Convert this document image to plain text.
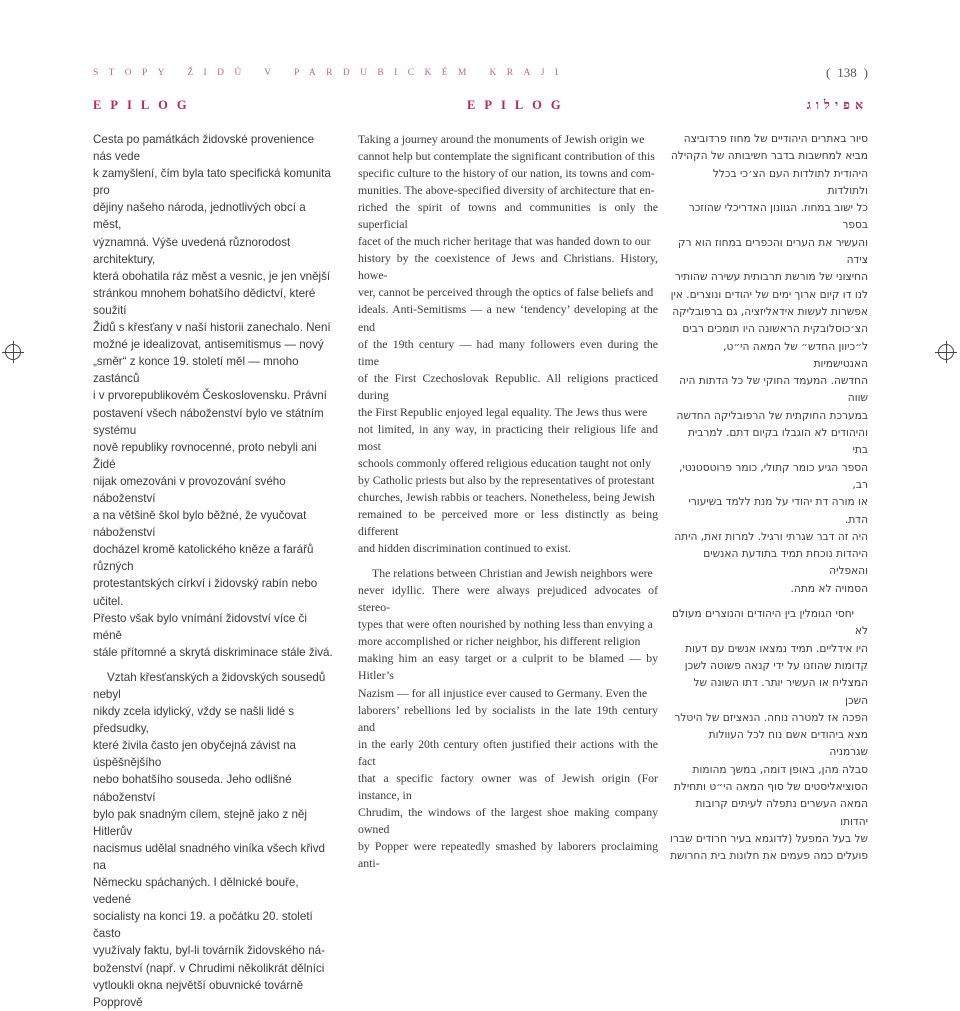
STOPY ŽIDŮ V PARDUBICKÉM KRAJI	( 138 )
EPILOG	EPILOG	אפילוג

Cesta po památkách židovské provenience nás vede

k zamyšlení, čím byla tato specifická komunita pro

dějiny našeho národa, jednotlivých obcí a měst,

významná. Výše uvedená různorodost architektury,

která obohatila ráz měst a vesnic, je jen vnější

stránkou mnohem bohatšího dědictví, které soužití

Židů s křesťany v naší historii zanechalo. Není

možné je idealizovat, antisemitismus — nový

„směr“ z konce 19. století měl — mnoho zastánců

i v prvorepublikovém Československu. Právní

postavení všech náboženství bylo ve státním systému

nově republiky rovnocenné, proto nebyli ani Židé

nijak omezováni v provozování svého náboženství

a na většině škol bylo běžné, že vyučovat náboženství

docházel kromě katolického kněze a farářů různých

protestantských církví i židovský rabín nebo učitel.

Přesto však bylo vnímání židovství více či méně

stále přítomné a skrytá diskriminace stále živá.

Vztah křesťanských a židovských sousedů nebyl

nikdy zcela idylický, vždy se našli lidé s předsudky,

které živila často jen obyčejná závist na úspěšnějšího

nebo bohatšího souseda. Jeho odlišné náboženství

bylo pak snadným cílem, stejně jako z něj Hitlerův

nacismus udělal snadného viníka všech křivd na

Německu spáchaných. I dělnické bouře, vedené

socialisty na konci 19. a počátku 20. století často

využívaly faktu, byl-li továrník židovského ná-

boženství (např. v Chrudimi několikrát dělníci

vytloukli okna největší obuvnické továrně Popprově

Taking a journey around the monuments of Jewish origin we

cannot help but contemplate the significant contribution of this

specific culture to the history of our nation, its towns and com-

munities. The above-specified diversity of architecture that en-

riched the spirit of towns and communities is only the superficial

facet of the much richer heritage that was handed down to our

history by the coexistence of Jews and Christians. History, howe-

ver, cannot be perceived through the optics of false beliefs and

ideals. Anti-Semitisms — a new ‘tendency’ developing at the end

of the 19th century — had many followers even during the time

of the First Czechoslovak Republic. All religions practiced during

the First Republic enjoyed legal equality. The Jews thus were

not limited, in any way, in practicing their religious life and most

schools commonly offered religious education taught not only

by Catholic priests but also by the representatives of protestant

churches, Jewish rabbis or teachers. Nonetheless, being Jewish

remained to be perceived more or less distinctly as being different

and hidden discrimination continued to exist.

The relations between Christian and Jewish neighbors were

never idyllic. There were always prejudiced advocates of stereo-

types that were often nourished by nothing less than envying a

more accomplished or richer neighbor, his different religion

making him an easy target or a culprit to be blamed — by Hitler’s

Nazism — for all injustice ever caused to Germany. Even the

laborers’ rebellions led by socialists in the late 19th century and

in the early 20th century often justified their actions with the fact

that a specific factory owner was of Jewish origin (For instance, in

Chrudim, the windows of the largest shoe making company owned

by Popper were repeatedly smashed by laborers proclaiming anti-

סיור באתרים היהודיים של מחוז פרדוביצה

מביא למחשבות בדבר חשיבותה של הקהילה

היהודית לתולדות העם הצ׳כי בכלל ולתולדות

כל ישוב במחוז. הגוונון האדריכלי שהוזכר בספר

והעשיר את הערים והכפרים במחוז הוא רק צידה

החיצוני של מורשת תרבותית עשירה שהותיר

לנו דו קיום ארוך ימים של יהודים ונוצרים. אין

אפשרות לעשות אידאליזציה, גם ברפובליקה

הצ׳כוסלובקית הראשונה היו תומכים רבים

ל״כיוון החדש״ של המאה הי״ט, האנטישמיות

החדשה. המעמד החוקי של כל הדתות היה שווה

במערכת החוקתית של הרפובליקה החדשה

והיהודים לא הוגבלו בקיום דתם. למרבית בתי

הספר הגיע כומר קתולי, כומר פרוטסטנטי, רב,

או מורה דת יהודי על מנת ללמד בשיעורי הדת.

היה זה דבר שגרתי ורגיל. למרות זאת, היתה

היהדות נוכחת תמיד בתודעת האנשים והאפליה

הסמויה לא מתה.

יחסי הגומלין בין היהודים והנוצרים מעולם לא

היו אידליים. תמיד נמצאו אנשים עם דעות

קדומות שהוזנו על ידי קנאה פשוטה לשכן

המצליח או העשיר יותר. דתו השונה של השכן

הפכה אז למטרה נוחה. הנאציזם של היטלר

מצא ביהודים אשם נוח לכל העוולות שגרמניה

סבלה מהן, באופן דומה, במשך מהומות

הסוציאליסטים של סוף המאה הי״ט ותחילת

המאה העשרים נתפלה לעיתים קרובות יהדותו

של בעל המפעל (לדוגמא בעיר חרודים שברו

פועלים כמה פעמים את חלונות בית החרושת
